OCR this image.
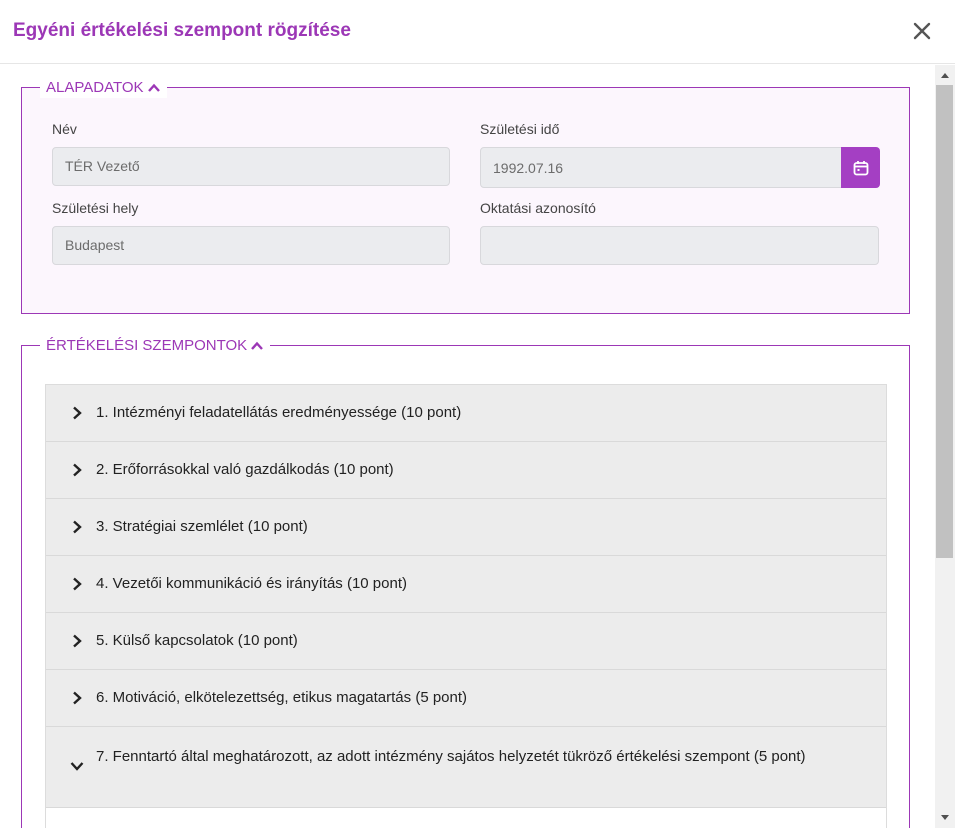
Egyéni értékelési szempont rögzítése
ALAPADATOK
Név
TÉR Vezető
Születési idő
1992.07.16
Születési hely
Budapest
Oktatási azonosító
ÉRTÉKELÉSI SZEMPONTOK
1. Intézményi feladatellátás eredményessége (10 pont)
2. Erőforrásokkal való gazdálkodás (10 pont)
3. Stratégiai szemlélet (10 pont)
4. Vezetői kommunikáció és irányítás (10 pont)
5. Külső kapcsolatok (10 pont)
6. Motiváció, elkötelezettség, etikus magatartás (5 pont)
7. Fenntartó által meghatározott, az adott intézmény sajátos helyzetét tükröző értékelési szempont (5 pont)
